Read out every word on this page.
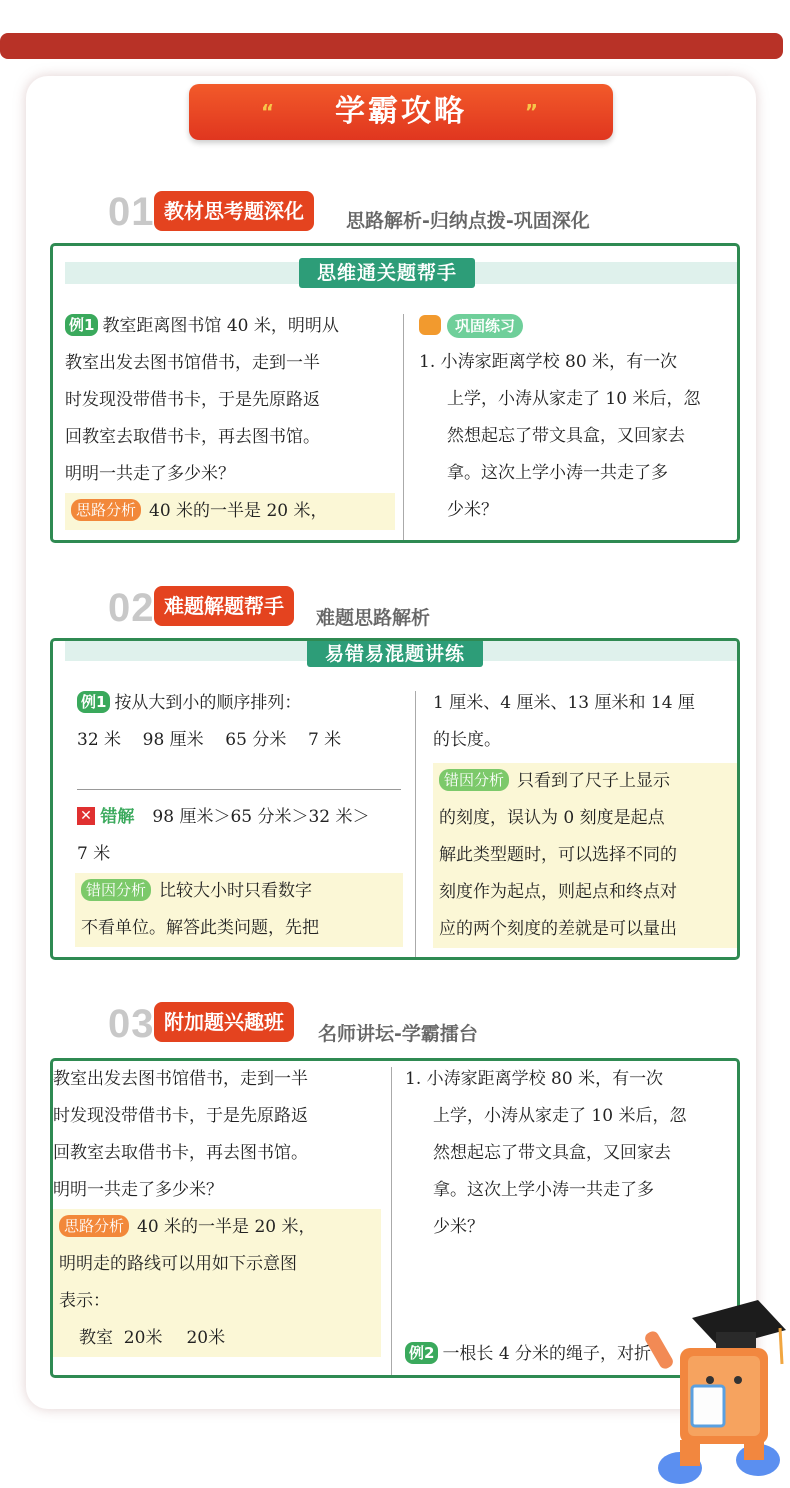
“ 学霸攻略	”
01 教材思考题深化	思路解析-归纳点拨-巩固深化
思维通关题帮手
例1 教室距离图书馆 40 米，明明从
教室出发去图书馆借书，走到一半
时发现没带借书卡，于是先原路返
回教室去取借书卡，再去图书馆。
明明一共走了多少米？
思路分析 40 米的一半是 20 米，
巩固练习
1. 小涛家距离学校 80 米，有一次
上学，小涛从家走了 10 米后，忽
然想起忘了带文具盒，又回家去
拿。这次上学小涛一共走了多
少米？
02 难题解题帮手	难题思路解析
易错易混题讲练
例1 按从大到小的顺序排列：
32 米    98 厘米    65 分米    7 米
✕ 错解 98 厘米＞65 分米＞32 米＞
7 米
错因分析 比较大小时只看数字
不看单位。解答此类问题，先把
1 厘米、4 厘米、13 厘米和 14 厘
的长度。
错因分析 只看到了尺子上显示
的刻度，误认为 0 刻度是起点
解此类型题时，可以选择不同的
刻度作为起点，则起点和终点对
应的两个刻度的差就是可以量出
03 附加题兴趣班	名师讲坛-学霸擂台
教室出发去图书馆借书，走到一半
时发现没带借书卡，于是先原路返
回教室去取借书卡，再去图书馆。
明明一共走了多少米？
思路分析 40 米的一半是 20 米，
明明走的路线可以用如下示意图
表示：
教室  20米 20米
1. 小涛家距离学校 80 米，有一次
上学，小涛从家走了 10 米后，忽
然想起忘了带文具盒，又回家去
拿。这次上学小涛一共走了多
少米？
例2 一根长 4 分米的绳子，对折
